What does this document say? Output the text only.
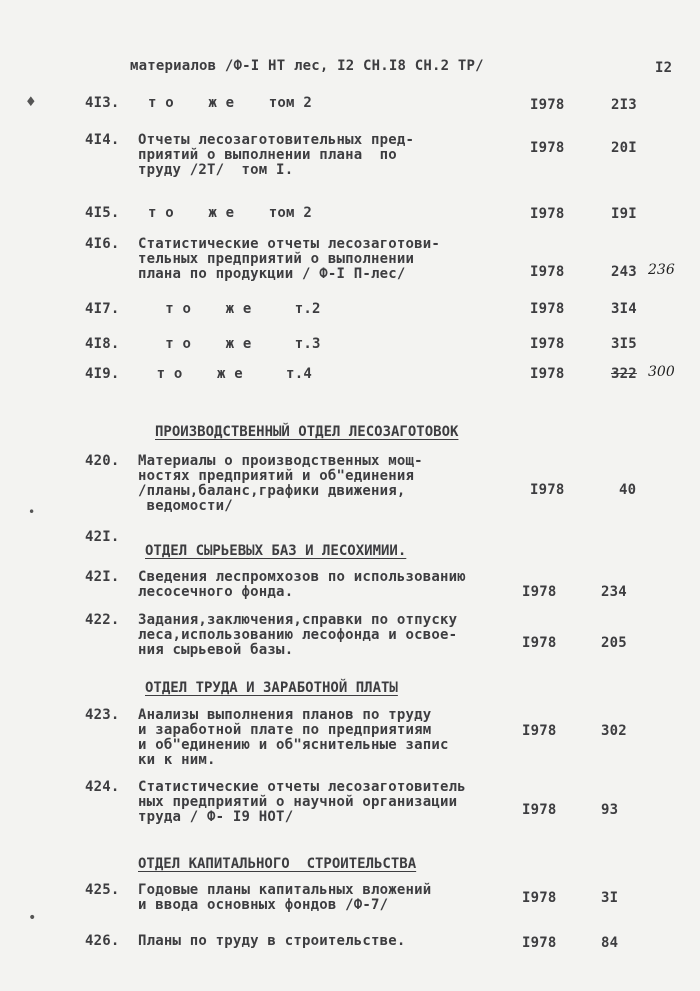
материалов /Ф-I НТ лес, I2 СН.I8 СН.2 ТР/	I2
4I3. т о    ж е    том 2	I978	2I3
4I4. Отчеты лесозаготовительных пред-
приятий о выполнении плана  по
труду /2Т/  том I.
I978	20I
4I5. т о    ж е    том 2	I978	I9I
4I6. Статистические отчеты лесозаготови-
тельных предприятий о выполнении
плана по продукции / Ф-I П-лес/	I978	243 236
4I7. т о    ж е     т.2	I978	3I4
4I8. т о    ж е     т.3	I978	3I5
4I9. т о    ж е     т.4	I978	322 300
ПРОИЗВОДСТВЕННЫЙ ОТДЕЛ ЛЕСОЗАГОТОВОК
420. Материалы о производственных мощ-
ностях предприятий и об"единения
/планы,баланс,графики движения,
ведомости/
I978	40
42I.
ОТДЕЛ СЫРЬЕВЫХ БАЗ И ЛЕСОХИМИИ.
42I. Сведения леспромхозов по использованию
лесосечного фонда.	I978	234
422. Задания,заключения,справки по отпуску
леса,использованию лесофонда и освое-
ния сырьевой базы.	I978	205
ОТДЕЛ ТРУДА И ЗАРАБОТНОЙ ПЛАТЫ
423. Анализы выполнения планов по труду
и заработной плате по предприятиям
и об"единению и об"яснительные запис
ки к ним.
I978	302
424. Статистические отчеты лесозаготовитель
ных предприятий о научной организации
труда / Ф- I9 НОТ/	I978	93
ОТДЕЛ КАПИТАЛЬНОГО  СТРОИТЕЛЬСТВА
425. Годовые планы капитальных вложений
и ввода основных фондов /Ф-7/	I978	3I
426. Планы по труду в строительстве.	I978	84
♦
•
•
